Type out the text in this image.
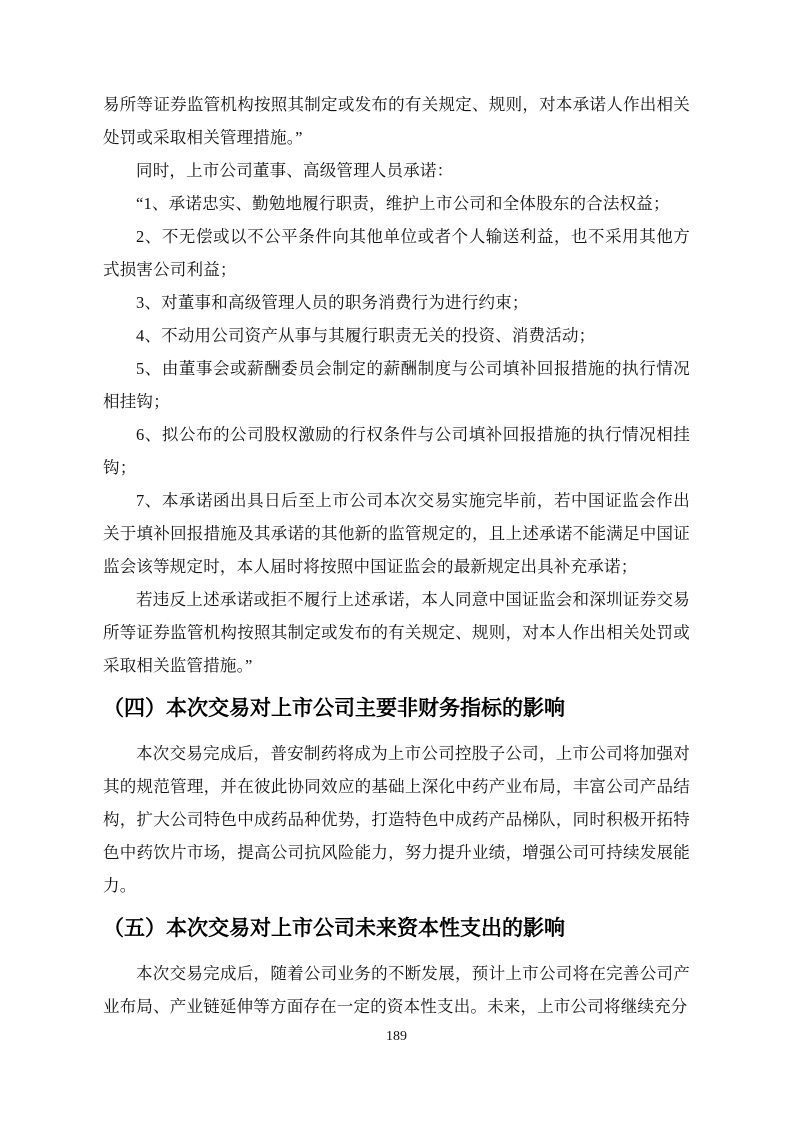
易所等证券监管机构按照其制定或发布的有关规定、规则，对本承诺人作出相关处罚或采取相关管理措施。”

同时，上市公司董事、高级管理人员承诺：

“1、承诺忠实、勤勉地履行职责，维护上市公司和全体股东的合法权益；

2、不无偿或以不公平条件向其他单位或者个人输送利益，也不采用其他方式损害公司利益；

3、对董事和高级管理人员的职务消费行为进行约束；

4、不动用公司资产从事与其履行职责无关的投资、消费活动；

5、由董事会或薪酬委员会制定的薪酬制度与公司填补回报措施的执行情况相挂钩；

6、拟公布的公司股权激励的行权条件与公司填补回报措施的执行情况相挂钩；

7、本承诺函出具日后至上市公司本次交易实施完毕前，若中国证监会作出关于填补回报措施及其承诺的其他新的监管规定的，且上述承诺不能满足中国证监会该等规定时，本人届时将按照中国证监会的最新规定出具补充承诺；

若违反上述承诺或拒不履行上述承诺，本人同意中国证监会和深圳证券交易所等证券监管机构按照其制定或发布的有关规定、规则，对本人作出相关处罚或采取相关监管措施。”

（四）本次交易对上市公司主要非财务指标的影响

本次交易完成后，普安制药将成为上市公司控股子公司，上市公司将加强对其的规范管理，并在彼此协同效应的基础上深化中药产业布局，丰富公司产品结构，扩大公司特色中成药品种优势，打造特色中成药产品梯队，同时积极开拓特色中药饮片市场，提高公司抗风险能力，努力提升业绩，增强公司可持续发展能力。

（五）本次交易对上市公司未来资本性支出的影响

本次交易完成后，随着公司业务的不断发展，预计上市公司将在完善公司产业布局、产业链延伸等方面存在一定的资本性支出。未来，上市公司将继续充分

189
